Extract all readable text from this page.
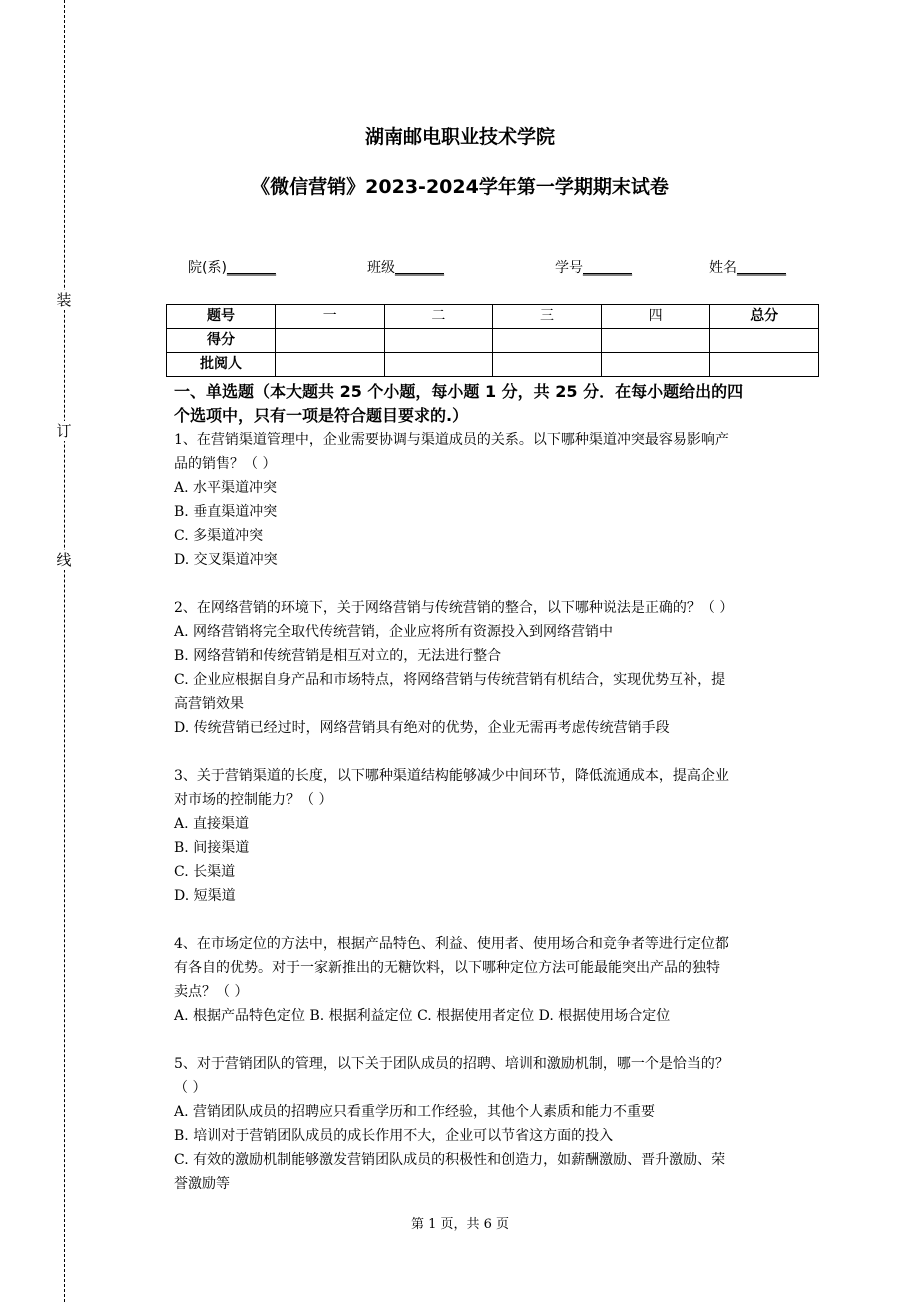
装
订
线
湖南邮电职业技术学院
《微信营销》2023-2024学年第一学期期末试卷
院(系)_______	班级_______	学号_______	姓名_______
题号	一	二	三	四	总分
得分					
批阅人					

一、单选题（本大题共 25 个小题，每小题 1 分，共 25 分．在每小题给出的四

个选项中，只有一项是符合题目要求的.）

1、在营销渠道管理中，企业需要协调与渠道成员的关系。以下哪种渠道冲突最容易影响产

品的销售？（ ）

A. 水平渠道冲突

B. 垂直渠道冲突

C. 多渠道冲突

D. 交叉渠道冲突

2、在网络营销的环境下，关于网络营销与传统营销的整合，以下哪种说法是正确的？（ ）

A. 网络营销将完全取代传统营销，企业应将所有资源投入到网络营销中

B. 网络营销和传统营销是相互对立的，无法进行整合

C. 企业应根据自身产品和市场特点，将网络营销与传统营销有机结合，实现优势互补，提

高营销效果

D. 传统营销已经过时，网络营销具有绝对的优势，企业无需再考虑传统营销手段

3、关于营销渠道的长度，以下哪种渠道结构能够减少中间环节，降低流通成本，提高企业

对市场的控制能力？（ ）

A. 直接渠道

B. 间接渠道

C. 长渠道

D. 短渠道

4、在市场定位的方法中，根据产品特色、利益、使用者、使用场合和竞争者等进行定位都

有各自的优势。对于一家新推出的无糖饮料，以下哪种定位方法可能最能突出产品的独特

卖点？（ ）

A. 根据产品特色定位 B. 根据利益定位 C. 根据使用者定位 D. 根据使用场合定位

5、对于营销团队的管理，以下关于团队成员的招聘、培训和激励机制，哪一个是恰当的？

（ ）

A. 营销团队成员的招聘应只看重学历和工作经验，其他个人素质和能力不重要

B. 培训对于营销团队成员的成长作用不大，企业可以节省这方面的投入

C. 有效的激励机制能够激发营销团队成员的积极性和创造力，如薪酬激励、晋升激励、荣

誉激励等

第 1 页，共 6 页
